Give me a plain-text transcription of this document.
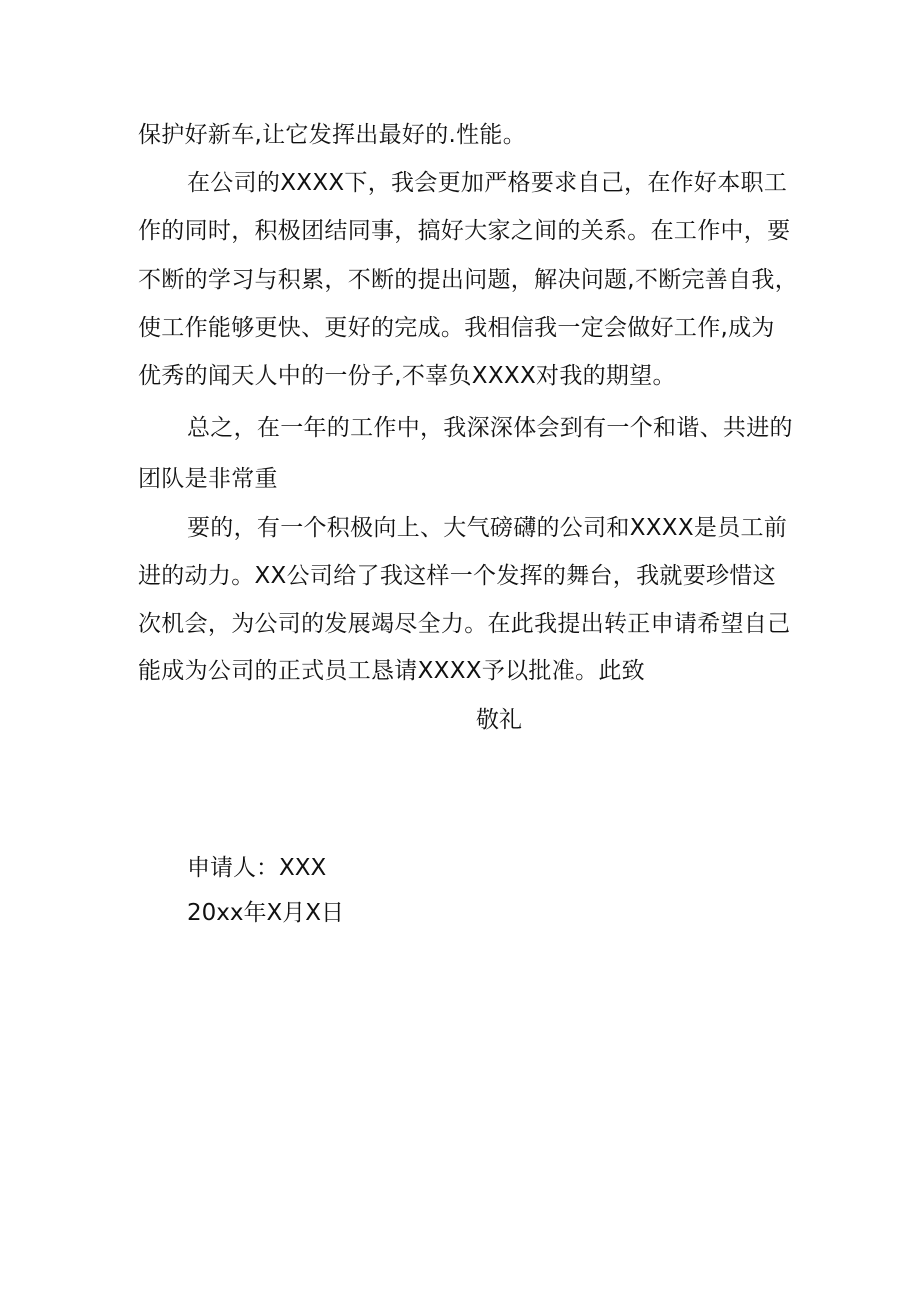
保护好新车,让它发挥出最好的.性能。
在公司的XXXX下，我会更加严格要求自己，在作好本职工
作的同时，积极团结同事，搞好大家之间的关系。在工作中，要
不断的学习与积累，不断的提出问题，解决问题,不断完善自我，
使工作能够更快、更好的完成。我相信我一定会做好工作,成为
优秀的闻天人中的一份子,不辜负XXXX对我的期望。
总之，在一年的工作中，我深深体会到有一个和谐、共进的
团队是非常重
要的，有一个积极向上、大气磅礴的公司和XXXX是员工前
进的动力。XX公司给了我这样一个发挥的舞台，我就要珍惜这
次机会，为公司的发展竭尽全力。在此我提出转正申请希望自己
能成为公司的正式员工恳请XXXX予以批准。此致
敬礼
申请人：XXX
20xx年X月X日
